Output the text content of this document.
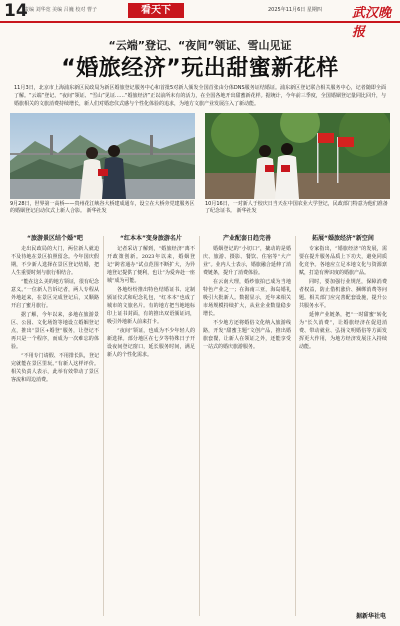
14
责编 刘华宽 美编 吕巍 校对 曹子	看天下	2025年11月6日 星期四 武汉晚报
“云端”登记、“夜间”领证、雪山见证
“婚旅经济”玩出甜蜜新花样
11月3日，北京市上海浦东新区民政局为新区婚旅登记服务中心和首批5对新人颁发全国首张由分体DNS服务证结婚证。浦东新区登记联合相关服务中心，记者随即全面了解。“云端”登记、“夜间”领证、“雪山”见证……“婚旅经济”正以前所未有的活力，在全国各地开出甜蜜新花样。据统计，今年前三季度，全国婚姻登记量同比回升，与婚旅相关的文旅消费持续增长，新人们对婚恋仪式感与个性化体验的追求，为地方文旅产业发展注入了新动能。
9月28日，世界第一高桥——贵州花江峡谷大桥建成通车，设立在大桥旁党建服务区的婚姻登记启动仪式上新人合影。 新华社发
10月16日，一对新人于校庆日当天在中国农业大学登记，民政部门特意为他们准备了纪念证书。 新华社发
“旅游景区结个婚”吧

走出民政局的大门，两位新人就迫不及待地在景区拍照留念。今年国庆假期，不少新人选择在景区登记结婚，把人生重要时刻与旅行相结合。

“能在这么美的地方领证，很有纪念意义。”一位新人告诉记者，两人专程从外地赶来，在景区完成登记后，又顺路开启了蜜月旅行。

据了解，今年以来，多地在旅游景区、公园、文化场馆等地设立婚姻登记点，推出“景区+婚登”服务，让登记不再只是一个程序，而成为一次难忘的体验。

“不用专门请假、不用排长队，登记完就能在景区里玩。”有新人这样评价。相关负责人表示，此举有效带动了景区客流和周边消费。

“红本本”变身旅游名片

记者采访了解到，“婚旅经济”离不开政策创新。2023年以来，婚姻登记“跨省通办”试点范围不断扩大，为异地登记提供了便利，也让“为爱奔赴一座城”成为可能。

各地纷纷推出特色结婚证书、定制颁证仪式和纪念礼包，“红本本”也成了城市的文旅名片。有的地方把当地地标印上证书封面，有的推出双语颁证词，吸引外地新人前来打卡。

“夜间”领证，也成为不少年轻人的新选择。部分地区在七夕等特殊日子开设夜间登记窗口，延长服务时间，满足新人的个性化需求。

产业配套日趋完善

婚姻登记的“小切口”，撬动的是婚庆、旅游、摄影、餐饮、住宿等“大产业”。业内人士表示，婚旅融合延伸了消费链条，提升了消费体验。

在云南大理，婚纱旅拍已成为当地特色产业之一；在海南三亚，海岛婚礼吸引大批新人。数据显示，近年来相关市场规模持续扩大，从业企业数量稳步增长。

不少地方还将婚俗文化纳入旅游线路，开发“甜蜜主题”文创产品，推出婚旅套餐，让新人在领证之外，还能享受一站式的婚庆旅游服务。

拓展“婚旅经济”新空间

专家指出，“婚旅经济”的发展，需要在提升服务品质上下功夫，避免同质化竞争。各地应立足本地文化与资源禀赋，打造有辨识度的婚旅产品。

同时，要加强行业规范，保障消费者权益，防止借机涨价、捆绑消费等问题。相关部门应完善配套设施，提升公共服务水平。

延伸产业链条，把“一时甜蜜”转化为“长久消费”，让婚旅经济在促进消费、带动就业、弘扬文明婚俗等方面发挥更大作用，为地方经济发展注入持续动能。

据新华社电
